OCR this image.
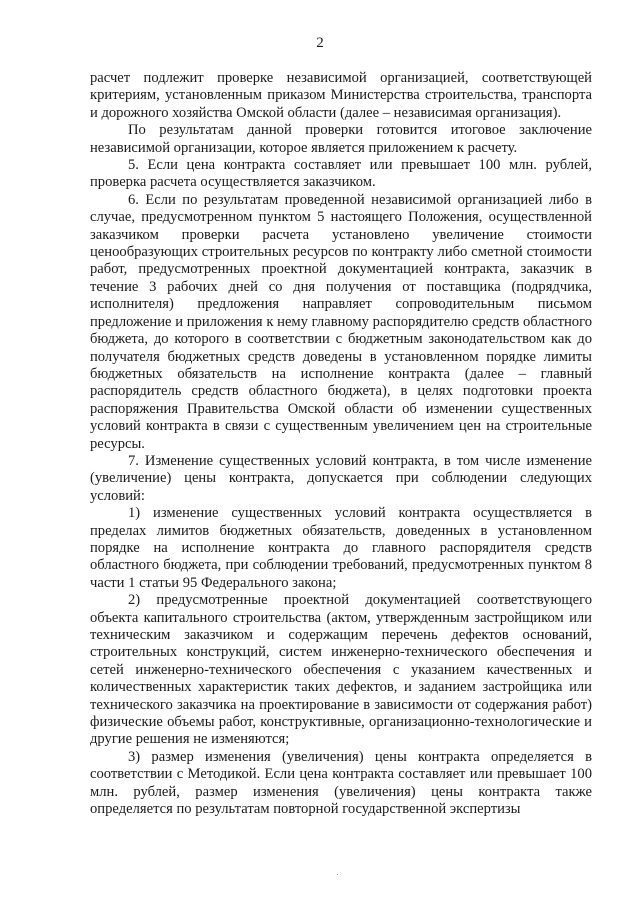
2

расчет подлежит проверке независимой организацией, соответствующей критериям, установленным приказом Министерства строительства, транспорта и дорожного хозяйства Омской области (далее – независимая организация).

По результатам данной проверки готовится итоговое заключение независимой организации, которое является приложением к расчету.

5. Если цена контракта составляет или превышает 100 млн. рублей, проверка расчета осуществляется заказчиком.

6. Если по результатам проведенной независимой организацией либо в случае, предусмотренном пунктом 5 настоящего Положения, осуществленной заказчиком проверки расчета установлено увеличение стоимости ценообразующих строительных ресурсов по контракту либо сметной стоимости работ, предусмотренных проектной документацией контракта, заказчик в течение 3 рабочих дней со дня получения от поставщика (подрядчика, исполнителя) предложения направляет сопроводительным письмом предложение и приложения к нему главному распорядителю средств областного бюджета, до которого в соответствии с бюджетным законодательством как до получателя бюджетных средств доведены в установленном порядке лимиты бюджетных обязательств на исполнение контракта (далее – главный распорядитель средств областного бюджета), в целях подготовки проекта распоряжения Правительства Омской области об изменении существенных условий контракта в связи с существенным увеличением цен на строительные ресурсы.

7. Изменение существенных условий контракта, в том числе изменение (увеличение) цены контракта, допускается при соблюдении следующих условий:

1) изменение существенных условий контракта осуществляется в пределах лимитов бюджетных обязательств, доведенных в установленном порядке на исполнение контракта до главного распорядителя средств областного бюджета, при соблюдении требований, предусмотренных пунктом 8 части 1 статьи 95 Федерального закона;

2) предусмотренные проектной документацией соответствующего объекта капитального строительства (актом, утвержденным застройщиком или техническим заказчиком и содержащим перечень дефектов оснований, строительных конструкций, систем инженерно-технического обеспечения и сетей инженерно-технического обеспечения с указанием качественных и количественных характеристик таких дефектов, и заданием застройщика или технического заказчика на проектирование в зависимости от содержания работ) физические объемы работ, конструктивные, организационно-технологические и другие решения не изменяются;

3) размер изменения (увеличения) цены контракта определяется в соответствии с Методикой. Если цена контракта составляет или превышает 100 млн. рублей, размер изменения (увеличения) цены контракта также определяется по результатам повторной государственной экспертизы
